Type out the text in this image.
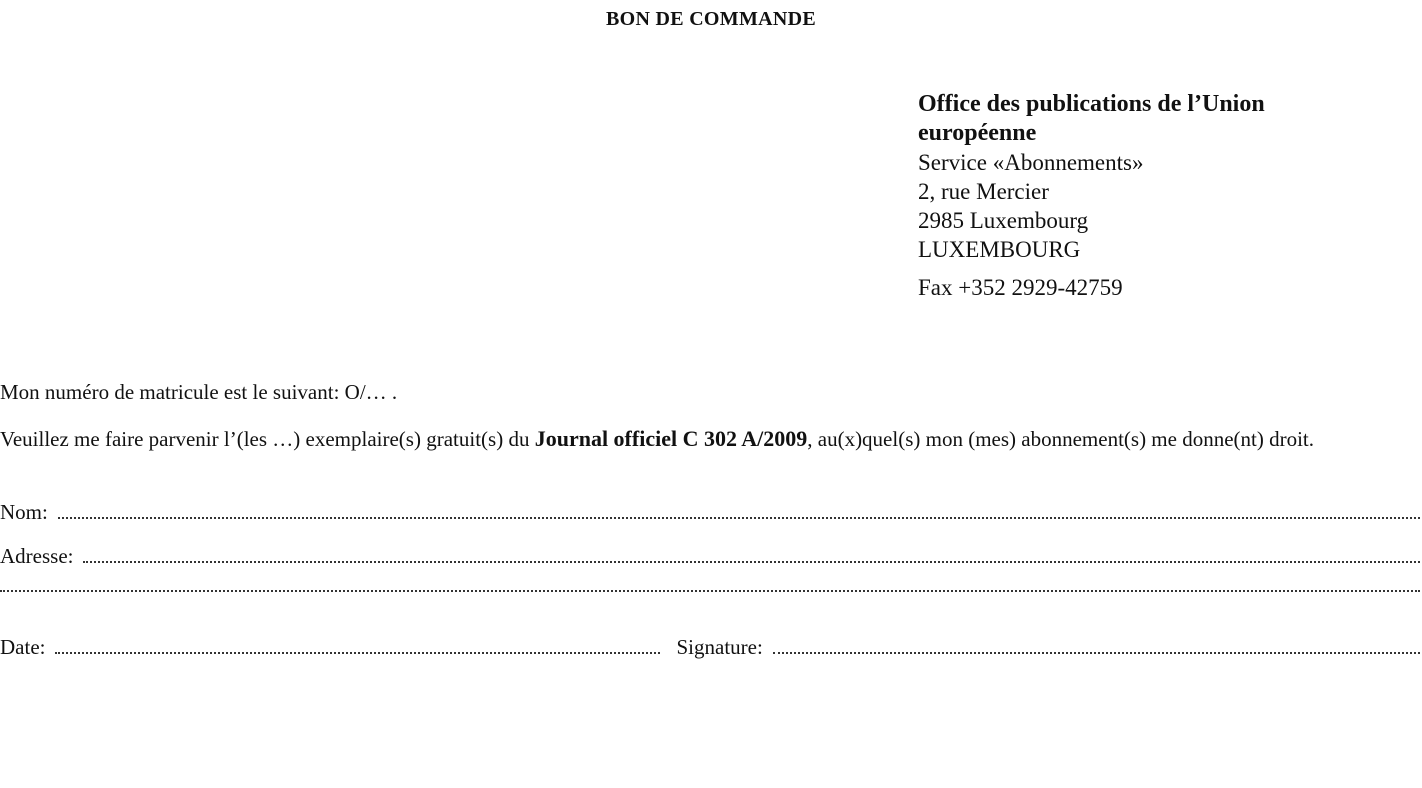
BON DE COMMANDE
Office des publications de l’Union
européenne
Service «Abonnements»
2, rue Mercier
2985 Luxembourg
LUXEMBOURG
Fax +352 2929-42759
Mon numéro de matricule est le suivant: O/… .
Veuillez me faire parvenir l’(les …) exemplaire(s) gratuit(s) du Journal officiel C 302 A/2009, au(x)quel(s) mon (mes) abonnement(s) me donne(nt) droit.
Nom:
Adresse:
Date:	Signature:
